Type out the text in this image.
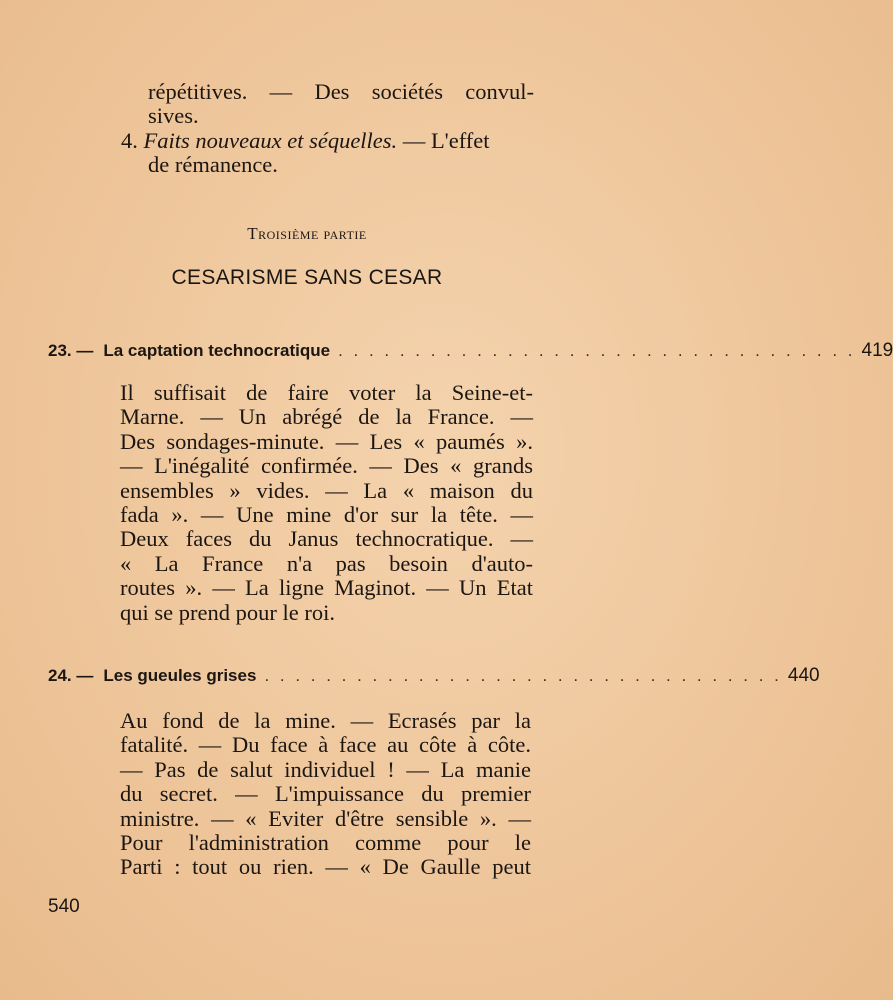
répétitives. — Des sociétés convul-
sives.
4. Faits nouveaux et séquelles. — L'effet
de rémanence.
Troisième partie
CESARISME SANS CESAR
23. — La captation technocratique . . . . . . . . . . . . . . . . . . . . . . . . . . . . . . . . . . 419
Il suffisait de faire voter la Seine-et-
Marne. — Un abrégé de la France. —
Des sondages-minute. — Les « paumés ».
— L'inégalité confirmée. — Des « grands
ensembles » vides. — La « maison du
fada ». — Une mine d'or sur la tête. —
Deux faces du Janus technocratique. —
« La France n'a pas besoin d'auto-
routes ». — La ligne Maginot. — Un Etat
qui se prend pour le roi.
24. — Les gueules grises . . . . . . . . . . . . . . . . . . . . . . . . . . . . . . . . . . 440
Au fond de la mine. — Ecrasés par la
fatalité. — Du face à face au côte à côte.
— Pas de salut individuel ! — La manie
du secret. — L'impuissance du premier
ministre. — « Eviter d'être sensible ». —
Pour l'administration comme pour le
Parti : tout ou rien. — « De Gaulle peut
540
